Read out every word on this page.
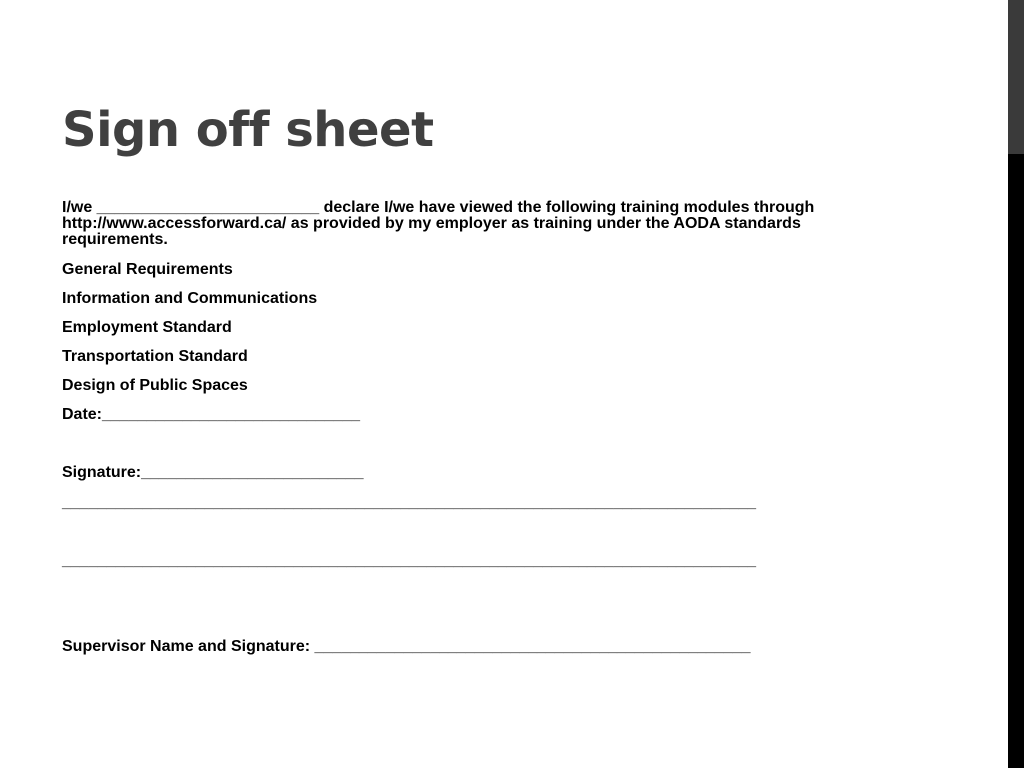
Sign off sheet

I/we _________________________ declare I/we have viewed the following training modules through http://www.accessforward.ca/ as provided by my employer as training under the AODA standards requirements.

General Requirements

Information and Communications

Employment Standard

Transportation Standard

Design of Public Spaces

Date:_____________________________

Signature:_________________________

______________________________________________________________________________

______________________________________________________________________________

Supervisor Name and Signature: _________________________________________________
